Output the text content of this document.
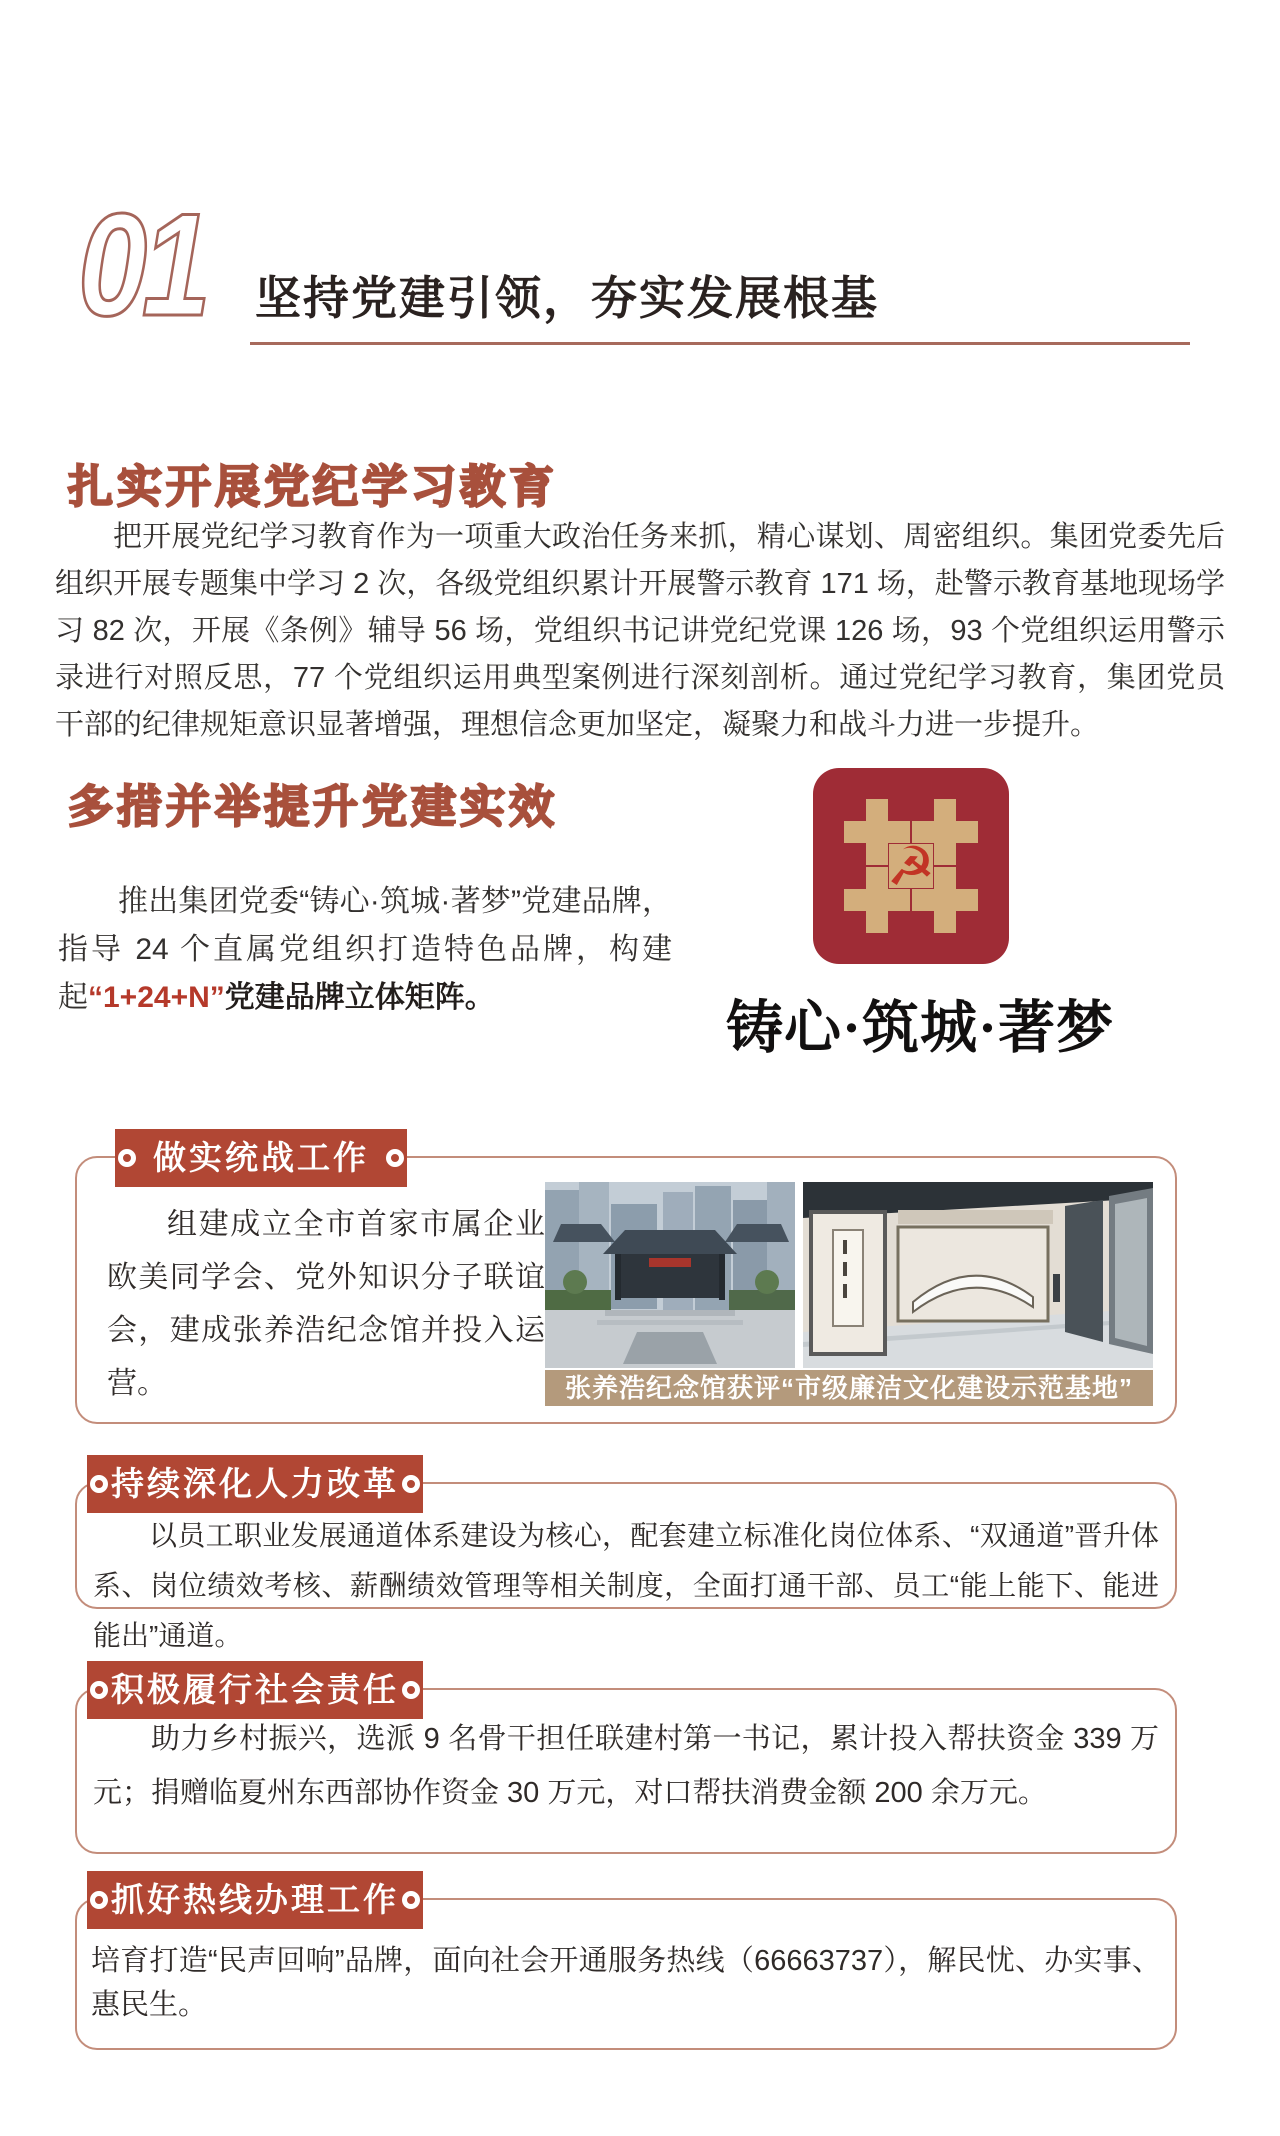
01 坚持党建引领，夯实发展根基
扎实开展党纪学习教育

把开展党纪学习教育作为一项重大政治任务来抓，精心谋划、周密组织。集团党委先后组织开展专题集中学习 2 次，各级党组织累计开展警示教育 171 场，赴警示教育基地现场学习 82 次，开展《条例》辅导 56 场，党组织书记讲党纪党课 126 场，93 个党组织运用警示录进行对照反思，77 个党组织运用典型案例进行深刻剖析。通过党纪学习教育，集团党员干部的纪律规矩意识显著增强，理想信念更加坚定，凝聚力和战斗力进一步提升。

多措并举提升党建实效

推出集团党委“铸心·筑城·著梦”党建品牌，指导 24 个直属党组织打造特色品牌，构建起“1+24+N”党建品牌立体矩阵。

☭
铸心·筑城·著梦
做实统战工作

组建成立全市首家市属企业欧美同学会、党外知识分子联谊会，建成张养浩纪念馆并投入运营。	张养浩纪念馆获评“市级廉洁文化建设示范基地”
持续深化人力改革

以员工职业发展通道体系建设为核心，配套建立标准化岗位体系、“双通道”晋升体系、岗位绩效考核、薪酬绩效管理等相关制度，全面打通干部、员工“能上能下、能进能出”通道。

积极履行社会责任

助力乡村振兴，选派 9 名骨干担任联建村第一书记，累计投入帮扶资金 339 万元；捐赠临夏州东西部协作资金 30 万元，对口帮扶消费金额 200 余万元。

抓好热线办理工作

培育打造“民声回响”品牌，面向社会开通服务热线（66663737），解民忧、办实事、惠民生。
